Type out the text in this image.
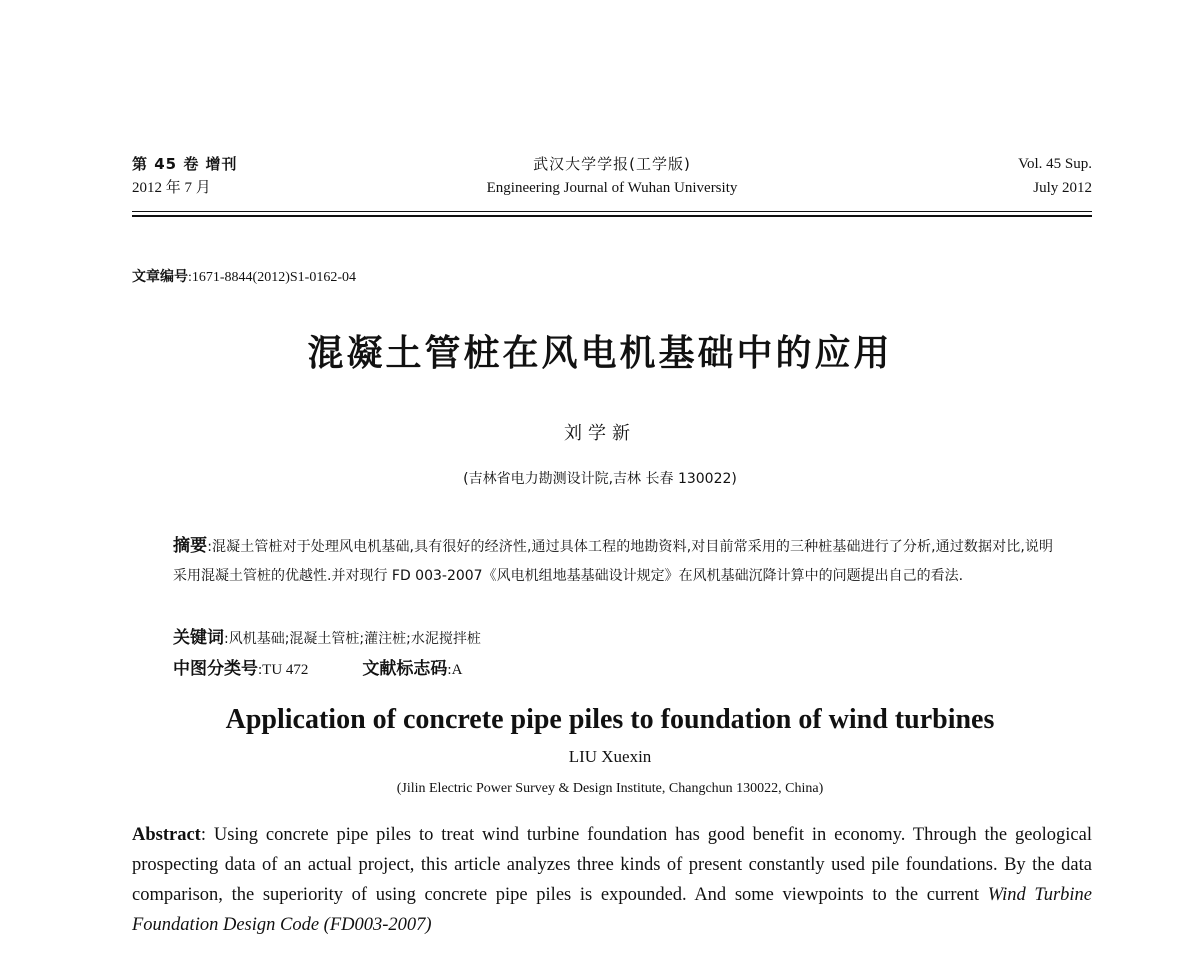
第 45 卷 增刊
2012 年 7 月
武汉大学学报(工学版)
Engineering Journal of Wuhan University
Vol. 45 Sup.
July 2012
文章编号:1671-8844(2012)S1-0162-04
混凝土管桩在风电机基础中的应用
刘学新
(吉林省电力勘测设计院,吉林 长春 130022)
摘要:混凝土管桩对于处理风电机基础,具有很好的经济性,通过具体工程的地勘资料,对目前常采用的三种桩基础进行了分析,通过数据对比,说明采用混凝土管桩的优越性.并对现行 FD 003-2007《风电机组地基基础设计规定》在风机基础沉降计算中的问题提出自己的看法.
关键词:风机基础;混凝土管桩;灌注桩;水泥搅拌桩
中图分类号:TU 472	文献标志码:A
Application of concrete pipe piles to foundation of wind turbines
LIU Xuexin
(Jilin Electric Power Survey & Design Institute, Changchun 130022, China)
Abstract: Using concrete pipe piles to treat wind turbine foundation has good benefit in economy. Through the geological prospecting data of an actual project, this article analyzes three kinds of present constantly used pile foundations. By the data comparison, the superiority of using concrete pipe piles is expounded. And some viewpoints to the current Wind Turbine Foundation Design Code (FD003-2007)
